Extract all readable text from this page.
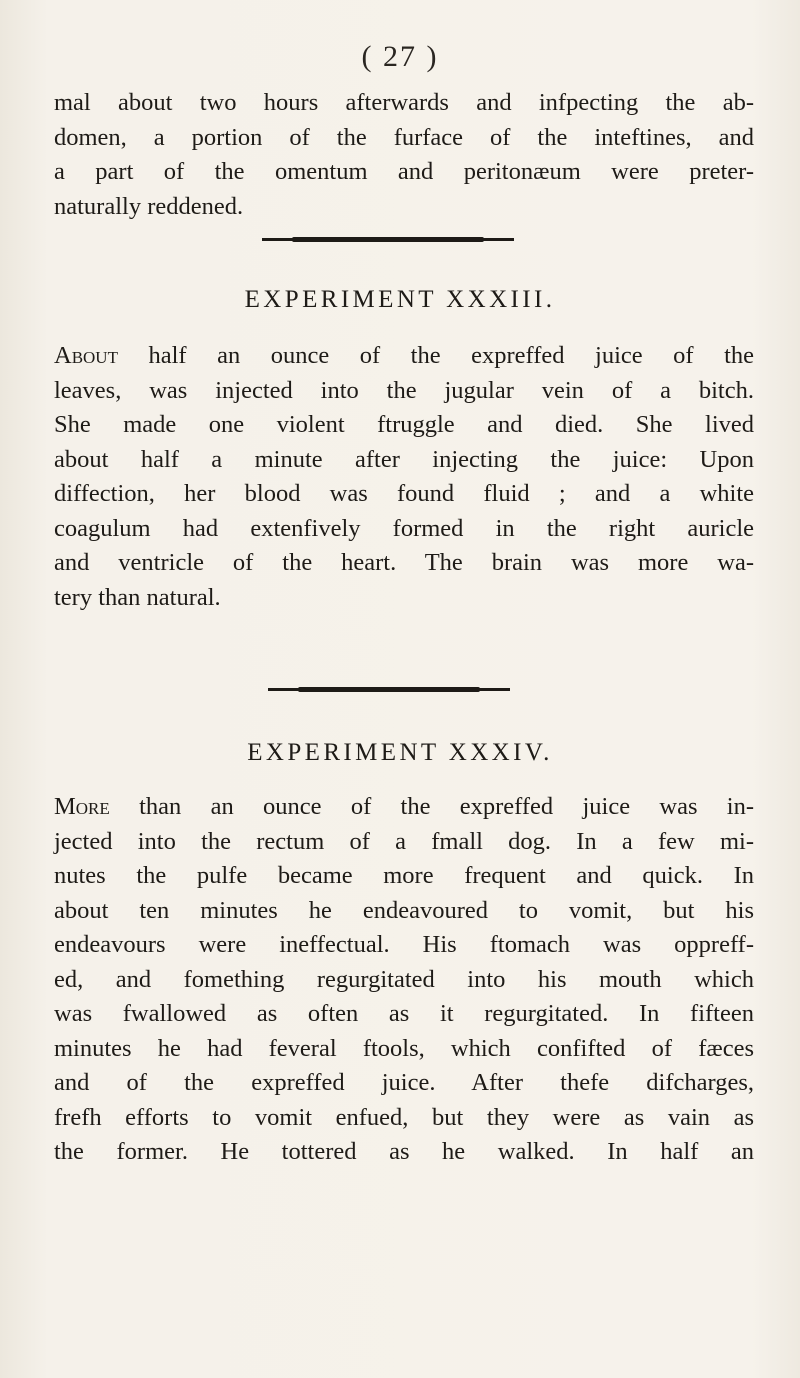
( 27 )

mal about two hours afterwards and infpecting the ab-
domen, a portion of the furface of the inteftines, and
a part of the omentum and peritonæum were preter-
naturally reddened.

EXPERIMENT XXXIII.

About half an ounce of the expreffed juice of the
leaves, was injected into the jugular vein of a bitch.
She made one violent ftruggle and died. She lived
about half a minute after injecting the juice: Upon
diffection, her blood was found fluid ; and a white
coagulum had extenfively formed in the right auricle
and ventricle of the heart. The brain was more wa-
tery than natural.

EXPERIMENT XXXIV.

More than an ounce of the expreffed juice was in-
jected into the rectum of a fmall dog. In a few mi-
nutes the pulfe became more frequent and quick. In
about ten minutes he endeavoured to vomit, but his
endeavours were ineffectual. His ftomach was oppreff-
ed, and fomething regurgitated into his mouth which
was fwallowed as often as it regurgitated. In fifteen
minutes he had feveral ftools, which confifted of fæces
and of the expreffed juice. After thefe difcharges,
frefh efforts to vomit enfued, but they were as vain as
the former. He tottered as he walked. In half an
